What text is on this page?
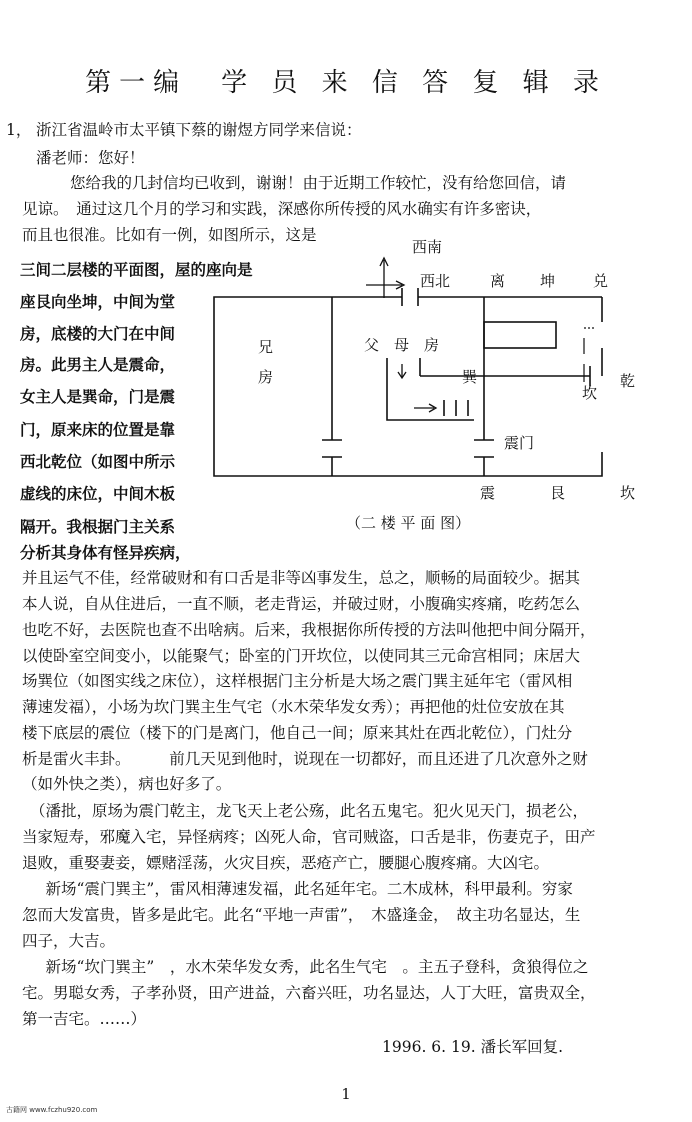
第一编　学 员 来 信 答 复 辑 录
1， 浙江省温岭市太平镇下蔡的谢煜方同学来信说：
潘老师：您好！
您给我的几封信均已收到，谢谢！由于近期工作较忙，没有给您回信，请
见谅。　通过这几个月的学习和实践，深感你所传授的风水确实有许多密诀，
而且也很准。比如有一例，如图所示，这是
三间二层楼的平面图，屋的座向是
座艮向坐坤，中间为堂
房，底楼的大门在中间
房。此男主人是震命，
女主人是巽命，门是震
门，原来床的位置是靠
西北乾位（如图中所示
虚线的床位，中间木板
隔开。我根据门主关系
分析其身体有怪异疾病，
西南
西北	离 坤	兑
乾
坎
兄
房
父　母　房
巽
震门
震	艮	坎
（二 楼 平 面 图）
并且运气不佳，经常破财和有口舌是非等凶事发生，总之，顺畅的局面较少。据其
本人说，自从住进后，一直不顺，老走背运，并破过财，小腹确实疼痛，吃药怎么
也吃不好，去医院也查不出啥病。后来，我根据你所传授的方法叫他把中间分隔开，
以使卧室空间变小，以能聚气；卧室的门开坎位，以使同其三元命宫相同；床居大
场巽位（如图实线之床位），这样根据门主分析是大场之震门巽主延年宅（雷风相
薄速发福），小场为坎门巽主生气宅（水木荣华发女秀）；再把他的灶位安放在其
楼下底层的震位（楼下的门是离门，他自己一间；原来其灶在西北乾位），门灶分
析是雷火丰卦。　　　前几天见到他时，说现在一切都好，而且还进了几次意外之财
（如外快之类），病也好多了。
（潘批，原场为震门乾主，龙飞天上老公殇，此名五鬼宅。犯火见天门，损老公，
当家短寿，邪魔入宅，异怪病疼；凶死人命，官司贼盗，口舌是非，伤妻克子，田产
退败，重娶妻妾，嫖赌淫荡，火灾目疾，恶疮产亡，腰腿心腹疼痛。大凶宅。
　新场“震门巽主”，雷风相薄速发福，此名延年宅。二木成林，科甲最利。穷家
忽而大发富贵，皆多是此宅。此名“平地一声雷”，　木盛逢金，　故主功名显达，生
四子，大吉。
　新场“坎门巽主”　，水木荣华发女秀，此名生气宅　。主五子登科，贪狼得位之
宅。男聪女秀，子孝孙贤，田产进益，六畜兴旺，功名显达，人丁大旺，富贵双全，
第一吉宅。……）
1996. 6. 19. 潘长军回复.
1
古籍网 www.fczhu920.com
